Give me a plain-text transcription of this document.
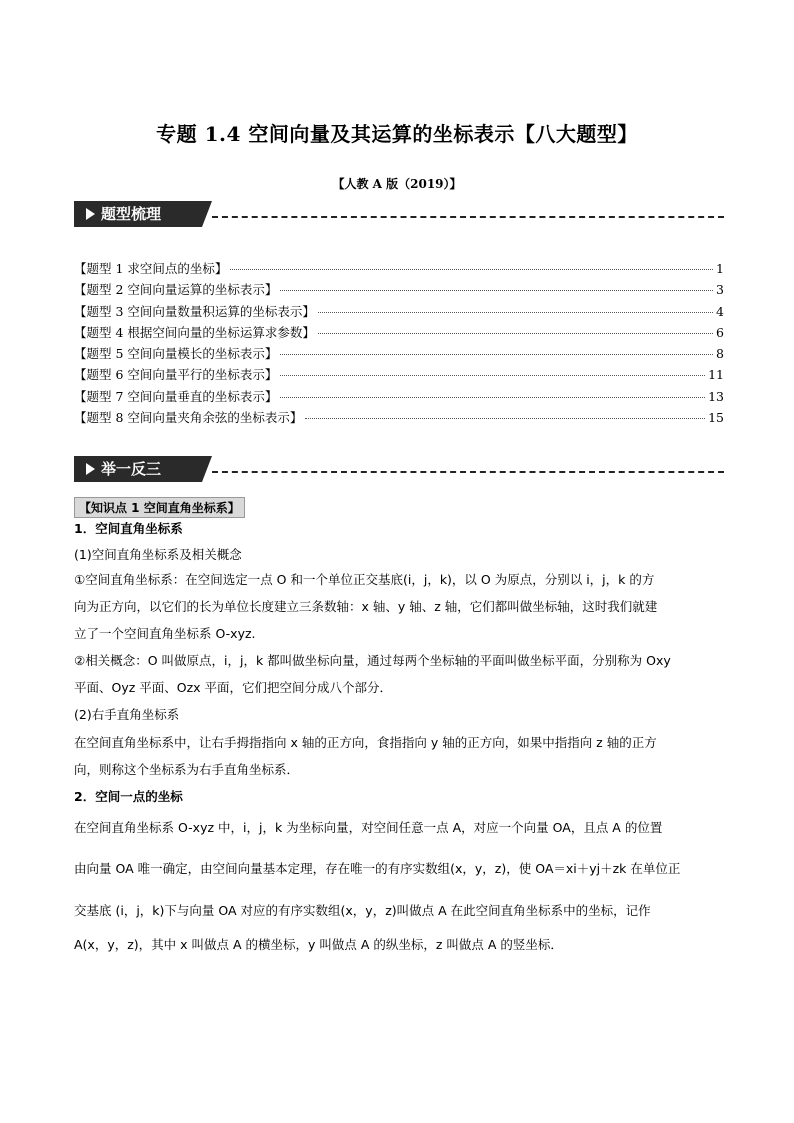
专题 1.4 空间向量及其运算的坐标表示【八大题型】
【人教 A 版（2019）】
题型梳理
【题型 1 求空间点的坐标】	1
【题型 2 空间向量运算的坐标表示】	3
【题型 3 空间向量数量积运算的坐标表示】	4
【题型 4 根据空间向量的坐标运算求参数】	6
【题型 5 空间向量模长的坐标表示】	8
【题型 6 空间向量平行的坐标表示】	11
【题型 7 空间向量垂直的坐标表示】	13
【题型 8 空间向量夹角余弦的坐标表示】	15
举一反三
【知识点 1 空间直角坐标系】
1．空间直角坐标系
(1)空间直角坐标系及相关概念
①空间直角坐标系：在空间选定一点 O 和一个单位正交基底(i，j，k)，以 O 为原点，分别以 i，j，k 的方
向为正方向，以它们的长为单位长度建立三条数轴：x 轴、y 轴、z 轴，它们都叫做坐标轴，这时我们就建
立了一个空间直角坐标系 O-xyz.
②相关概念：O 叫做原点，i，j，k 都叫做坐标向量，通过每两个坐标轴的平面叫做坐标平面，分别称为 Oxy
平面、Oyz 平面、Ozx 平面，它们把空间分成八个部分．
(2)右手直角坐标系
在空间直角坐标系中，让右手拇指指向 x 轴的正方向，食指指向 y 轴的正方向，如果中指指向 z 轴的正方
向，则称这个坐标系为右手直角坐标系．
2．空间一点的坐标
在空间直角坐标系 O-xyz 中，i，j，k 为坐标向量，对空间任意一点 A，对应一个向量 OA，且点 A 的位置
由向量 OA 唯一确定，由空间向量基本定理，存在唯一的有序实数组(x，y，z)，使 OA＝xi＋yj＋zk 在单位正
交基底 (i，j，k)下与向量 OA 对应的有序实数组(x，y，z)叫做点 A 在此空间直角坐标系中的坐标，记作
A(x，y，z)，其中 x 叫做点 A 的横坐标，y 叫做点 A 的纵坐标，z 叫做点 A 的竖坐标．
